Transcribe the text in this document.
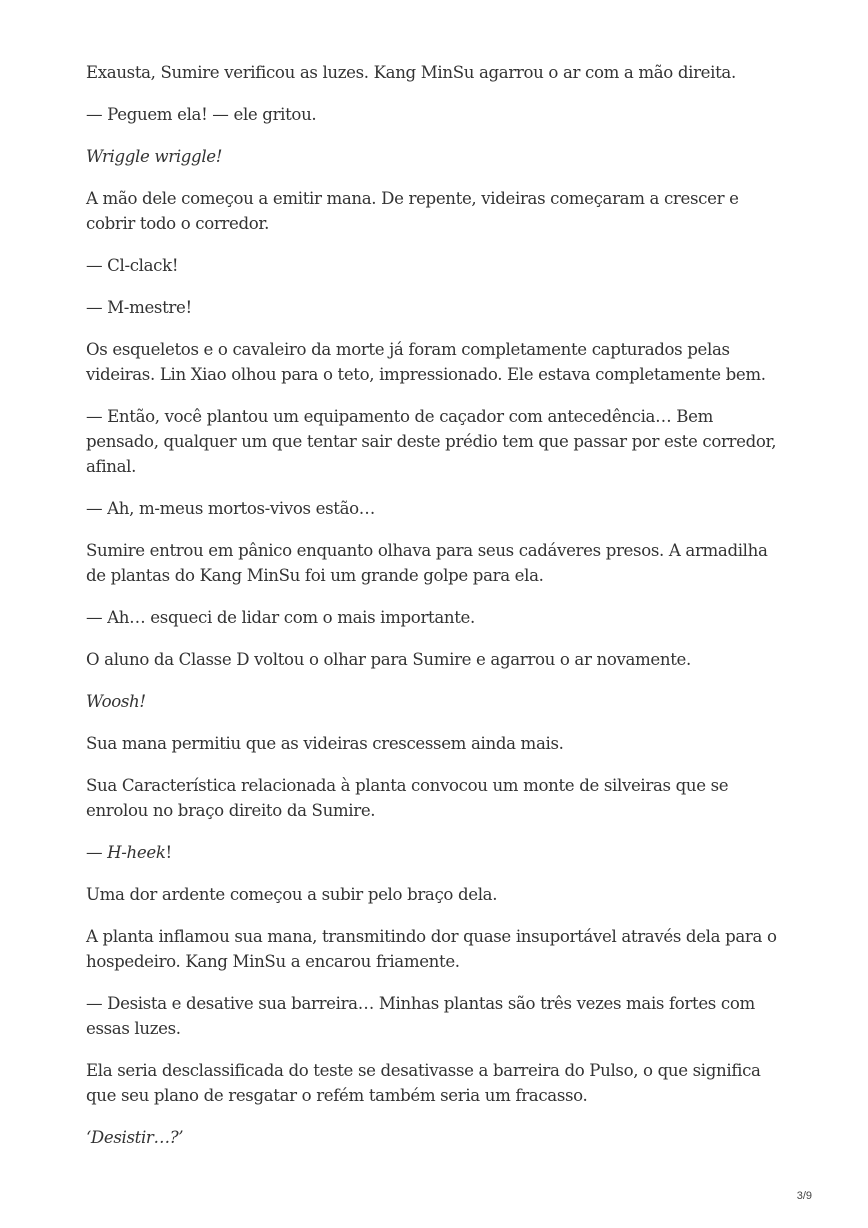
Exausta, Sumire verificou as luzes. Kang MinSu agarrou o ar com a mão direita.

— Peguem ela! — ele gritou.

Wriggle wriggle!

A mão dele começou a emitir mana. De repente, videiras começaram a crescer e cobrir todo o corredor.

— Cl-clack!

— M-mestre!

Os esqueletos e o cavaleiro da morte já foram completamente capturados pelas videiras. Lin Xiao olhou para o teto, impressionado. Ele estava completamente bem.

— Então, você plantou um equipamento de caçador com antecedência… Bem pensado, qualquer um que tentar sair deste prédio tem que passar por este corredor, afinal.

— Ah, m-meus mortos-vivos estão…

Sumire entrou em pânico enquanto olhava para seus cadáveres presos. A armadilha de plantas do Kang MinSu foi um grande golpe para ela.

— Ah… esqueci de lidar com o mais importante.

O aluno da Classe D voltou o olhar para Sumire e agarrou o ar novamente.

Woosh!

Sua mana permitiu que as videiras crescessem ainda mais.

Sua Característica relacionada à planta convocou um monte de silveiras que se enrolou no braço direito da Sumire.

— H-heek!

Uma dor ardente começou a subir pelo braço dela.

A planta inflamou sua mana, transmitindo dor quase insuportável através dela para o hospedeiro. Kang MinSu a encarou friamente.

— Desista e desative sua barreira… Minhas plantas são três vezes mais fortes com essas luzes.

Ela seria desclassificada do teste se desativasse a barreira do Pulso, o que significa que seu plano de resgatar o refém também seria um fracasso.

‘Desistir…?’

3/9
